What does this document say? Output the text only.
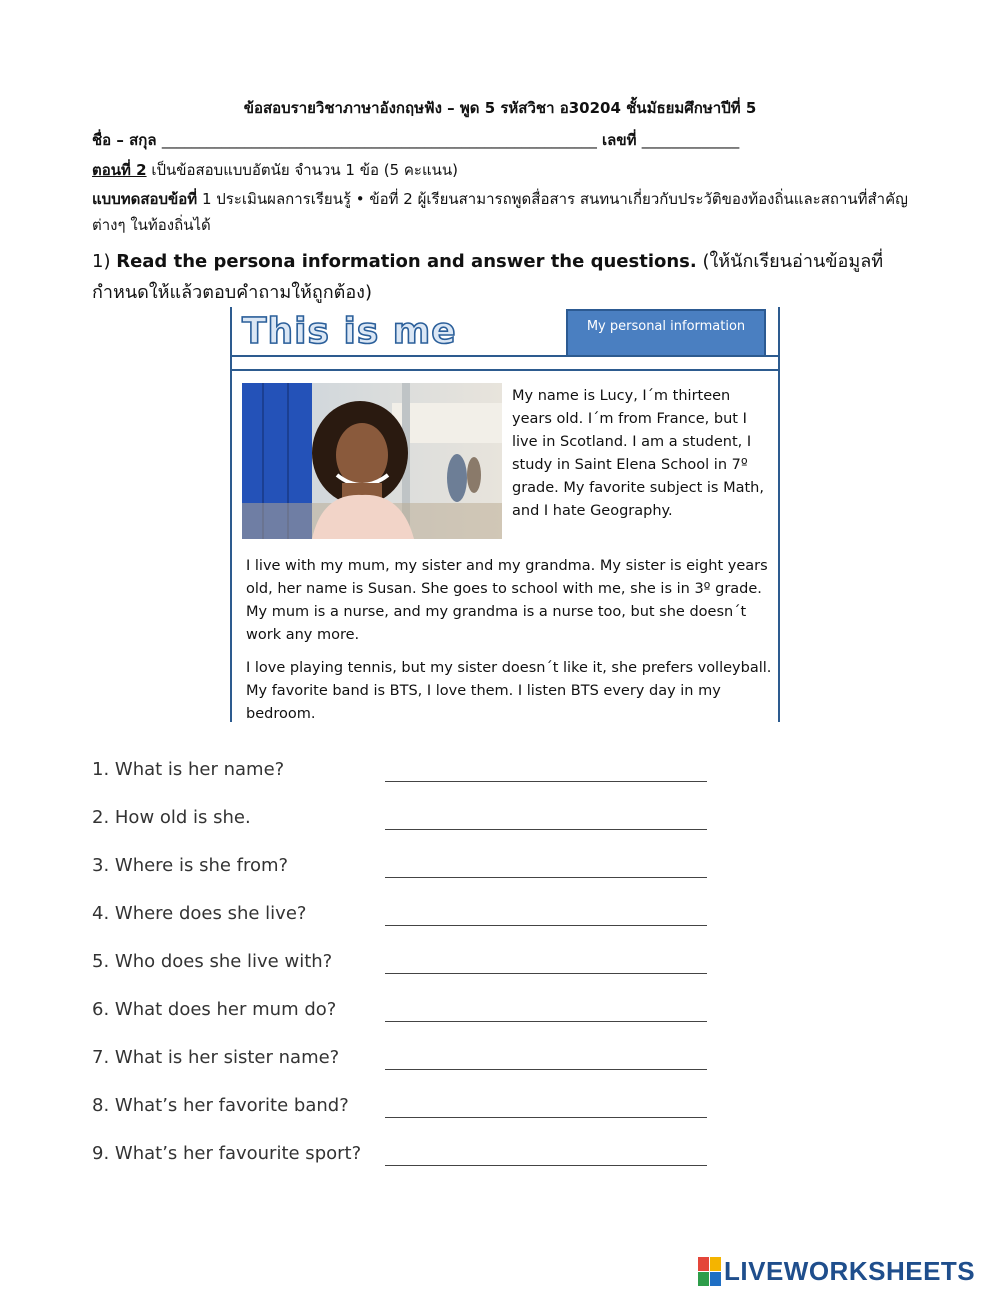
ข้อสอบรายวิชาภาษาอังกฤษฟัง – พูด 5 รหัสวิชา อ30204 ชั้นมัธยมศึกษาปีที่ 5
ชื่อ – สกุล __________________________________________________________ เลขที่ _____________
ตอนที่ 2 เป็นข้อสอบแบบอัตนัย จำนวน 1 ข้อ (5 คะแนน)
แบบทดสอบข้อที่ 1 ประเมินผลการเรียนรู้ • ข้อที่ 2 ผู้เรียนสามารถพูดสื่อสาร สนทนาเกี่ยวกับประวัติของท้องถิ่นและสถานที่สำคัญต่างๆ ในท้องถิ่นได้
1) Read the persona information and answer the questions. (ให้นักเรียนอ่านข้อมูลที่กำหนดให้แล้วตอบคำถามให้ถูกต้อง)
This is me	My personal information
My name is Lucy, I´m thirteen years old. I´m from France, but I live in Scotland. I am a student, I study in Saint Elena School in 7º grade. My favorite subject is Math, and I hate Geography.
I live with my mum, my sister and my grandma. My sister is eight years old, her name is Susan. She goes to school with me, she is in 3º grade. My mum is a nurse, and my grandma is a nurse too, but she doesn´t work any more.
I love playing tennis, but my sister doesn´t like it, she prefers volleyball. My favorite band is BTS, I love them. I listen BTS every day in my bedroom.
1. What is her name?
2. How old is she.
3. Where is she from?
4. Where does she live?
5. Who does she live with?
6. What does her mum do?
7. What is her sister name?
8. What’s her favorite band?
9. What’s her favourite sport?
LIVEWORKSHEETS
